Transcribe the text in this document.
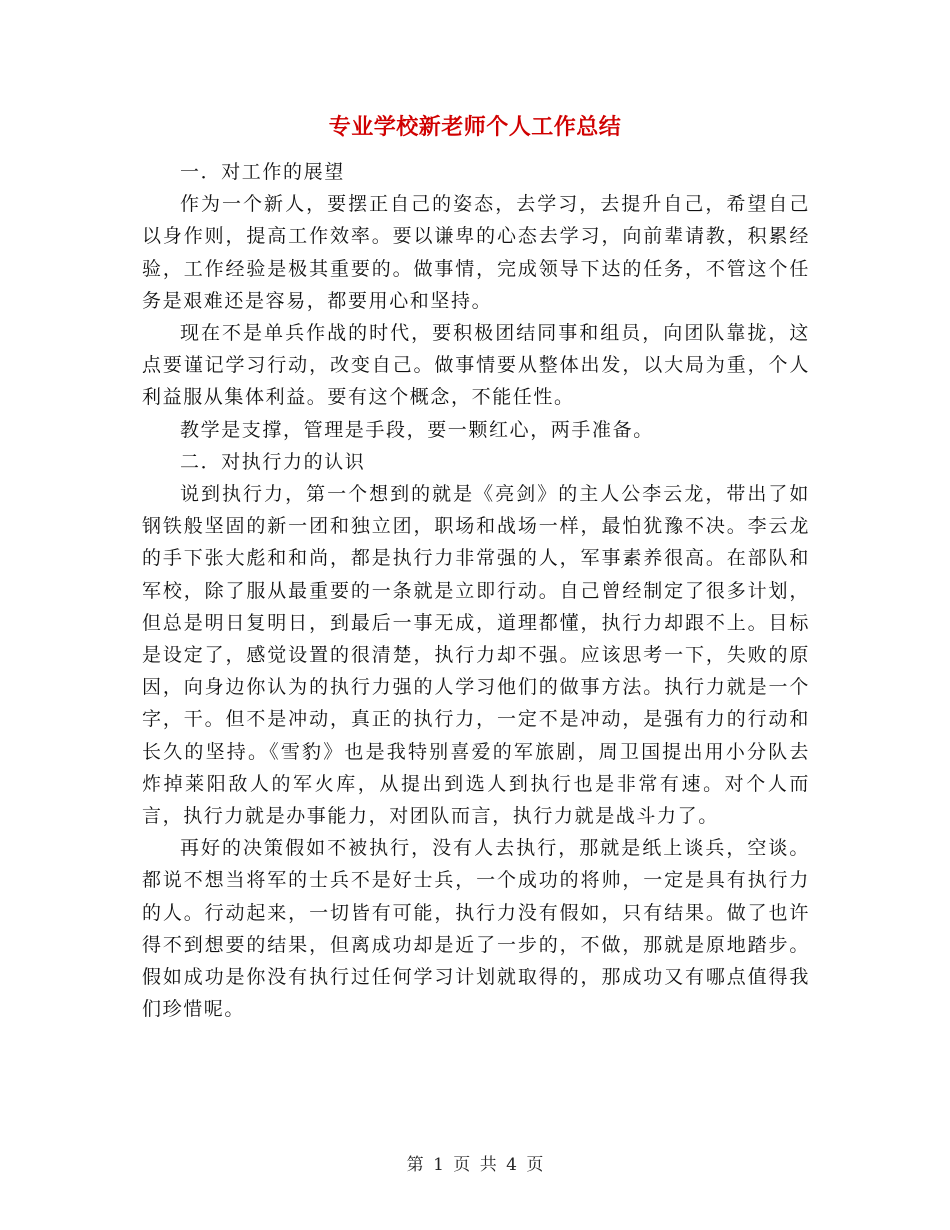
专业学校新老师个人工作总结

一．对工作的展望

作为一个新人，要摆正自己的姿态，去学习，去提升自己，希望自己以身作则，提高工作效率。要以谦卑的心态去学习，向前辈请教，积累经验，工作经验是极其重要的。做事情，完成领导下达的任务，不管这个任务是艰难还是容易，都要用心和坚持。

现在不是单兵作战的时代，要积极团结同事和组员，向团队靠拢，这点要谨记学习行动，改变自己。做事情要从整体出发，以大局为重，个人利益服从集体利益。要有这个概念，不能任性。

教学是支撑，管理是手段，要一颗红心，两手准备。

二．对执行力的认识

说到执行力，第一个想到的就是《亮剑》的主人公李云龙，带出了如钢铁般坚固的新一团和独立团，职场和战场一样，最怕犹豫不决。李云龙的手下张大彪和和尚，都是执行力非常强的人，军事素养很高。在部队和军校，除了服从最重要的一条就是立即行动。自己曾经制定了很多计划，但总是明日复明日，到最后一事无成，道理都懂，执行力却跟不上。目标是设定了，感觉设置的很清楚，执行力却不强。应该思考一下，失败的原因，向身边你认为的执行力强的人学习他们的做事方法。执行力就是一个字，干。但不是冲动，真正的执行力，一定不是冲动，是强有力的行动和长久的坚持。《雪豹》也是我特别喜爱的军旅剧，周卫国提出用小分队去炸掉莱阳敌人的军火库，从提出到选人到执行也是非常有速。对个人而言，执行力就是办事能力，对团队而言，执行力就是战斗力了。

再好的决策假如不被执行，没有人去执行，那就是纸上谈兵，空谈。都说不想当将军的士兵不是好士兵，一个成功的将帅，一定是具有执行力的人。行动起来，一切皆有可能，执行力没有假如，只有结果。做了也许得不到想要的结果，但离成功却是近了一步的，不做，那就是原地踏步。假如成功是你没有执行过任何学习计划就取得的，那成功又有哪点值得我们珍惜呢。

第 1 页 共 4 页
